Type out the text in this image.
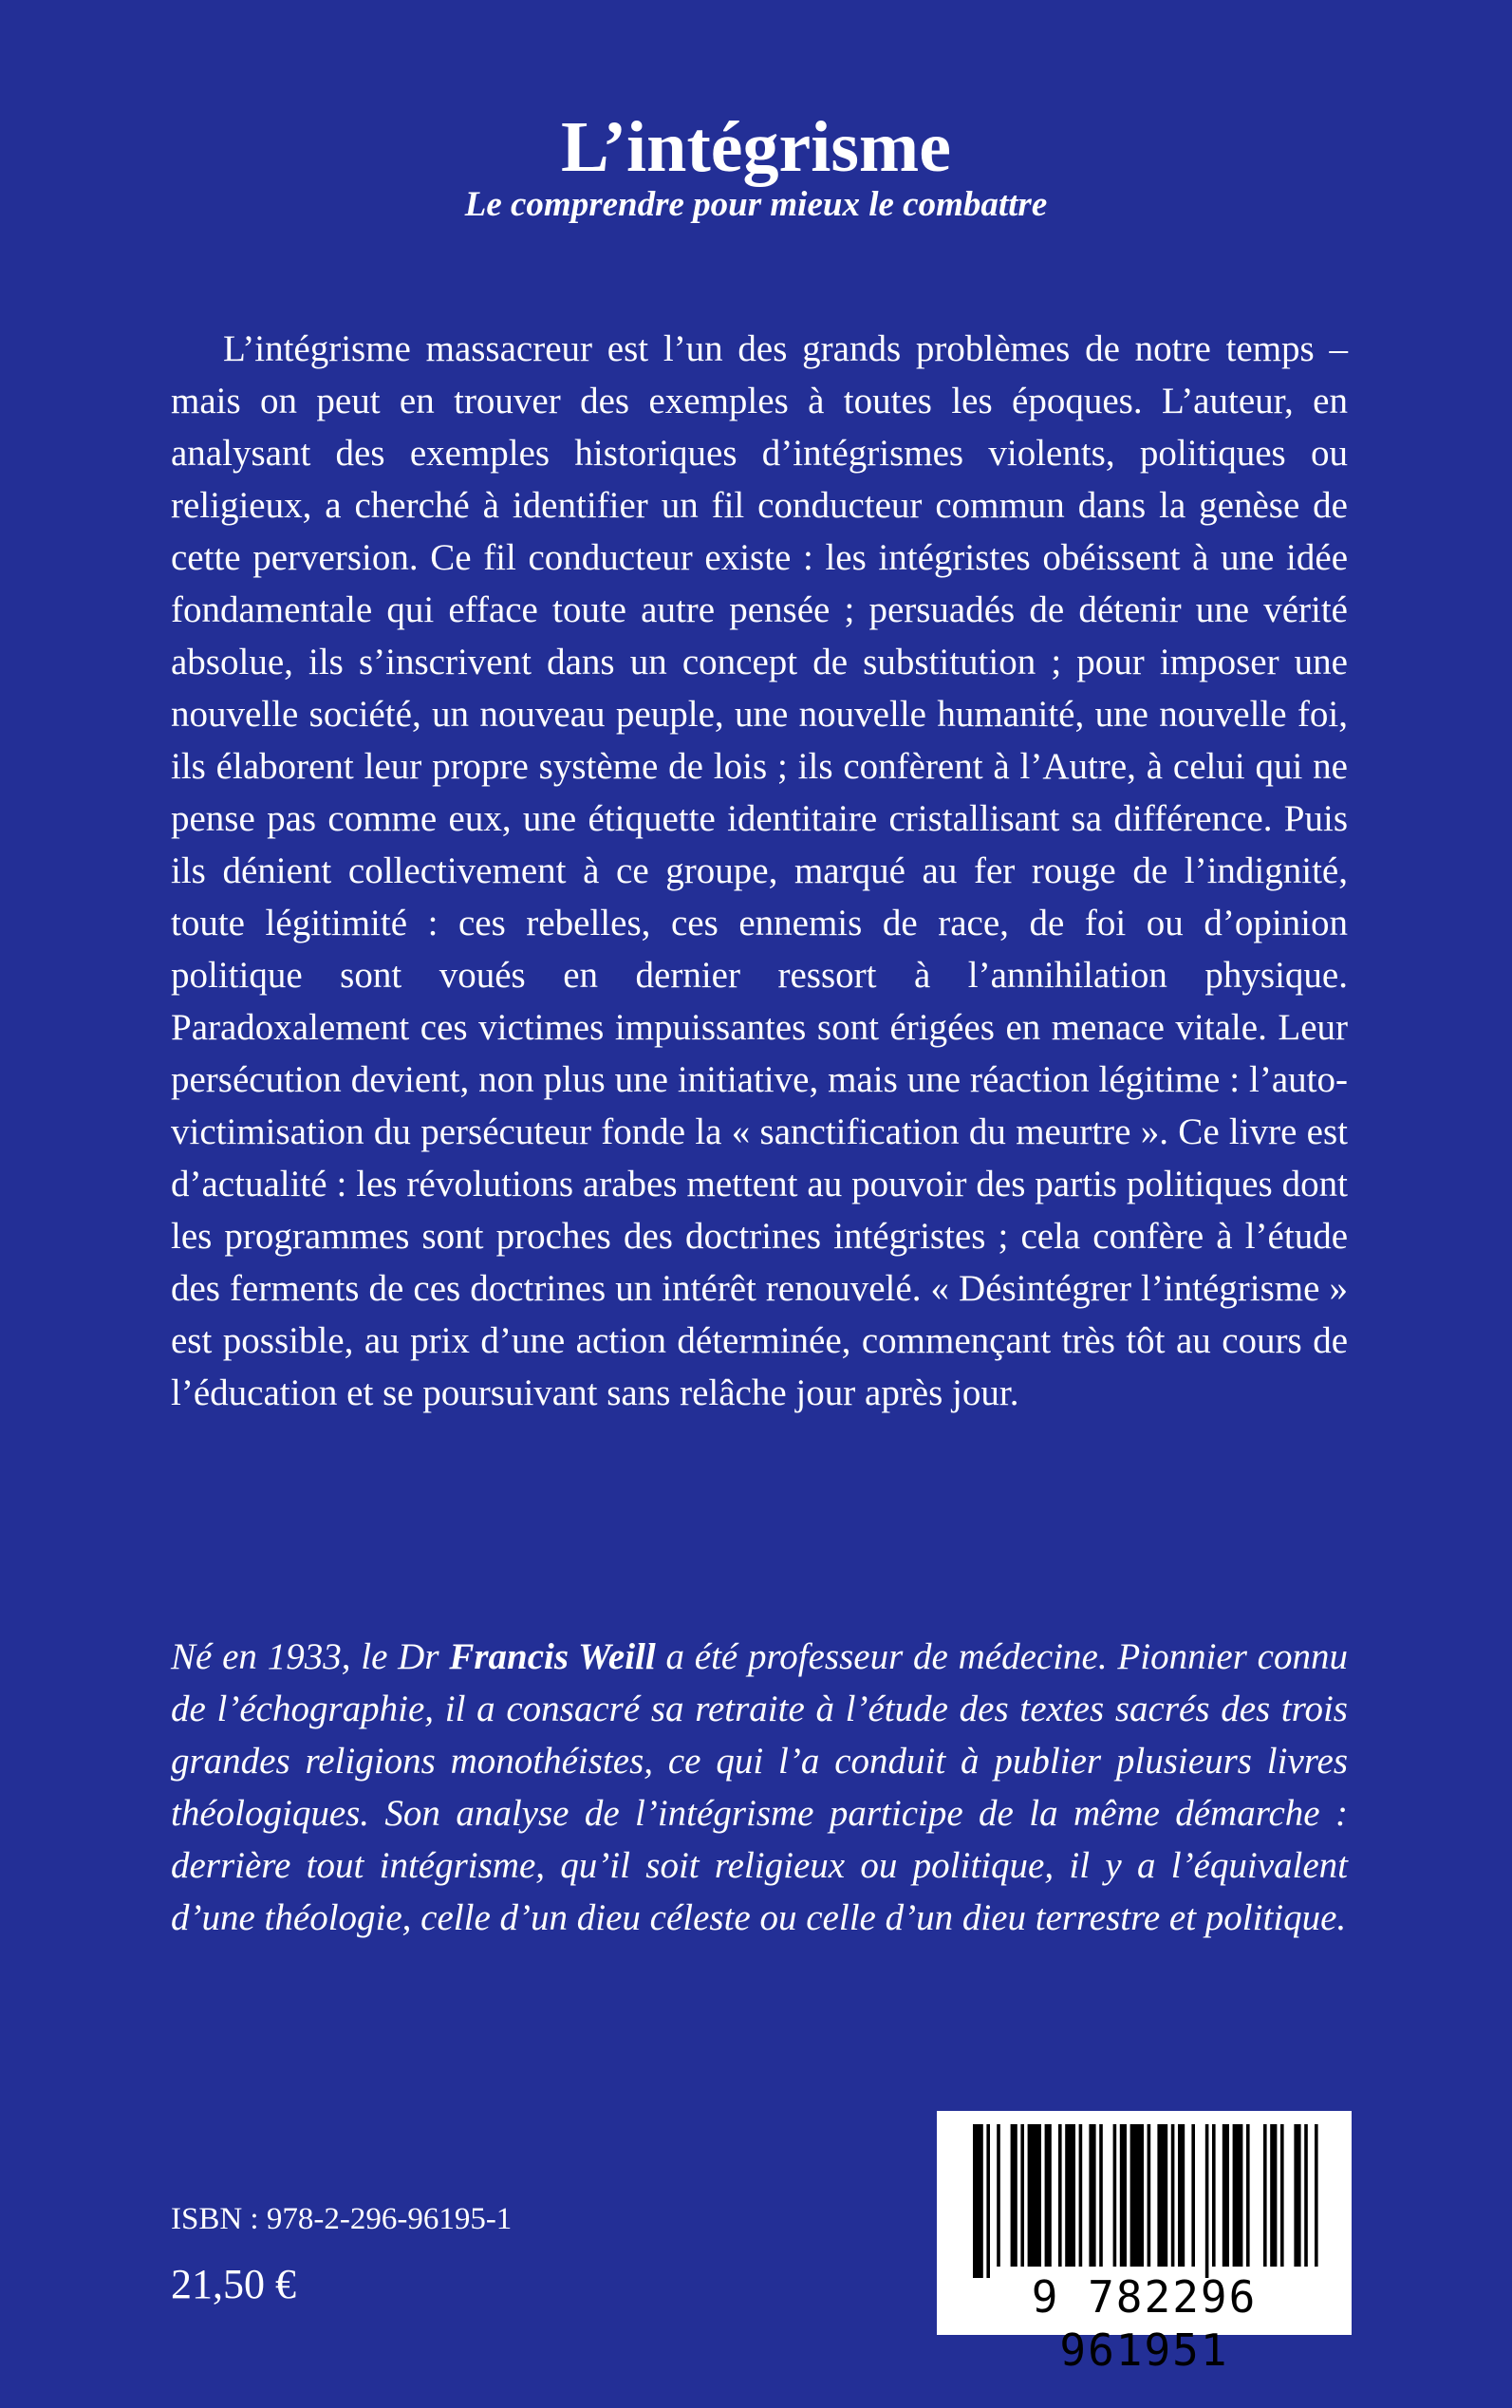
L’intégrisme
Le comprendre pour mieux le combattre

L’intégrisme massacreur est l’un des grands problèmes de notre temps – mais on peut en trouver des exemples à toutes les époques. L’auteur, en analysant des exemples historiques d’intégrismes violents, politiques ou religieux, a cherché à identifier un fil conducteur commun dans la genèse de cette perversion. Ce fil conducteur existe : les intégristes obéissent à une idée fondamentale qui efface toute autre pensée ; persuadés de détenir une vérité absolue, ils s’inscrivent dans un concept de substitution ; pour imposer une nouvelle société, un nouveau peuple, une nouvelle humanité, une nouvelle foi, ils élaborent leur propre système de lois ; ils confèrent à l’Autre, à celui qui ne pense pas comme eux, une étiquette identitaire cristallisant sa différence. Puis ils dénient collectivement à ce groupe, marqué au fer rouge de l’indignité, toute légitimité : ces rebelles, ces ennemis de race, de foi ou d’opinion politique sont voués en dernier ressort à l’annihilation physique. Paradoxalement ces victimes impuissantes sont érigées en menace vitale. Leur persécution devient, non plus une initiative, mais une réaction légitime : l’auto-victimisation du persécuteur fonde la « sanctification du meurtre ». Ce livre est d’actualité : les révolutions arabes mettent au pouvoir des partis politiques dont les programmes sont proches des doctrines intégristes ; cela confère à l’étude des ferments de ces doctrines un intérêt renouvelé. « Désintégrer l’intégrisme » est possible, au prix d’une action déterminée, commençant très tôt au cours de l’éducation et se poursuivant sans relâche jour après jour.

Né en 1933, le Dr Francis Weill a été professeur de médecine. Pionnier connu de l’échographie, il a consacré sa retraite à l’étude des textes sacrés des trois grandes religions monothéistes, ce qui l’a conduit à publier plusieurs livres théologiques. Son analyse de l’intégrisme participe de la même démarche : derrière tout intégrisme, qu’il soit religieux ou politique, il y a l’équivalent d’une théologie, celle d’un dieu céleste ou celle d’un dieu terrestre et politique.

ISBN : 978-2-296-96195-1
21,50 €	9 782296 961951
